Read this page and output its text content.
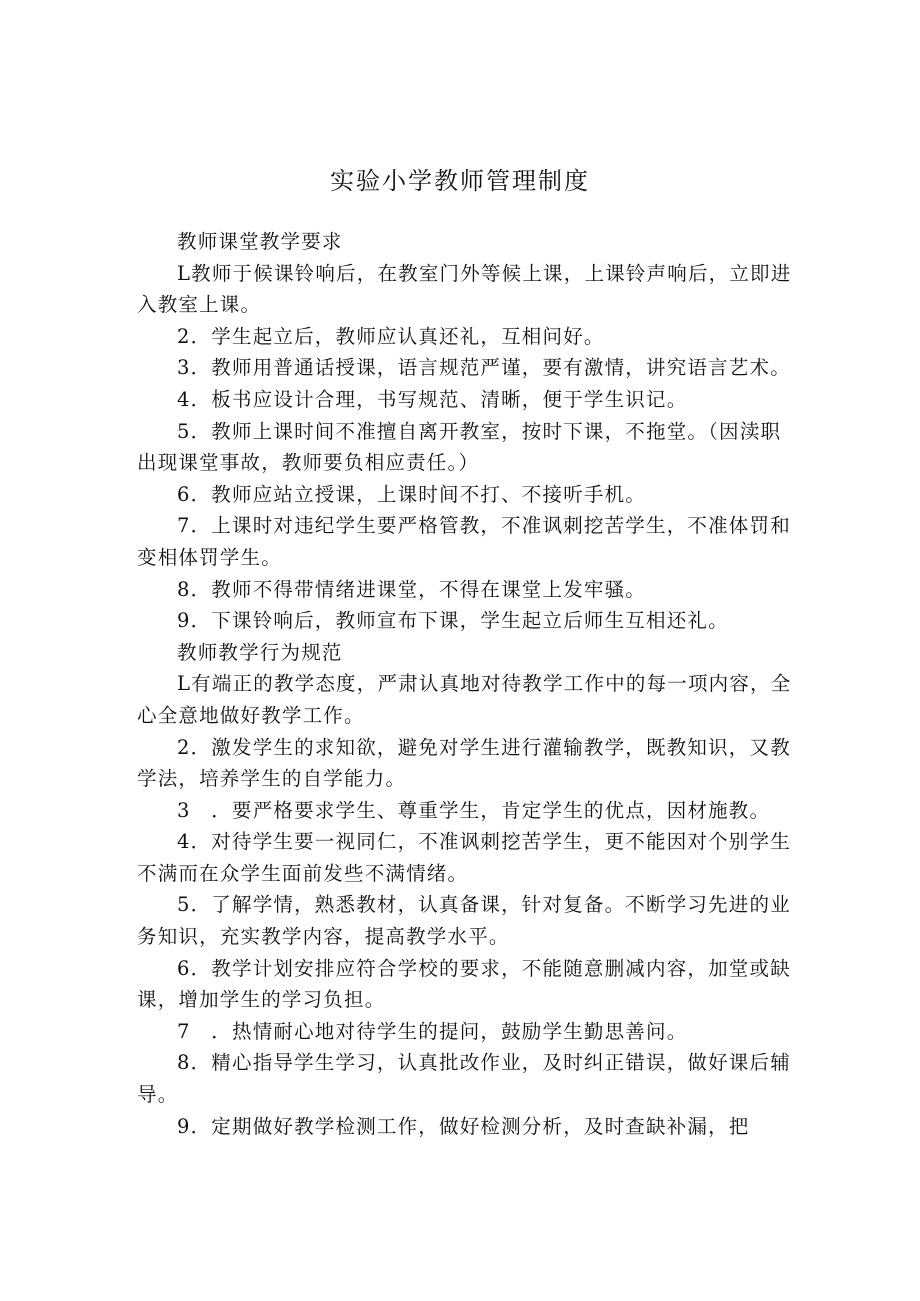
实验小学教师管理制度

教师课堂教学要求

L教师于候课铃响后，在教室门外等候上课，上课铃声响后，立即进入教室上课。

2．学生起立后，教师应认真还礼，互相问好。

3．教师用普通话授课，语言规范严谨，要有激情，讲究语言艺术。

4．板书应设计合理，书写规范、清晰，便于学生识记。

5．教师上课时间不准擅自离开教室，按时下课，不拖堂。（因渎职出现课堂事故，教师要负相应责任。）

6．教师应站立授课，上课时间不打、不接听手机。

7．上课时对违纪学生要严格管教，不准讽刺挖苦学生，不准体罚和变相体罚学生。

8．教师不得带情绪进课堂，不得在课堂上发牢骚。

9．下课铃响后，教师宣布下课，学生起立后师生互相还礼。

教师教学行为规范

L有端正的教学态度，严肃认真地对待教学工作中的每一项内容，全心全意地做好教学工作。

2．激发学生的求知欲，避免对学生进行灌输教学，既教知识，又教学法，培养学生的自学能力。

3　．要严格要求学生、尊重学生，肯定学生的优点，因材施教。

4．对待学生要一视同仁，不准讽刺挖苦学生，更不能因对个别学生不满而在众学生面前发些不满情绪。

5．了解学情，熟悉教材，认真备课，针对复备。不断学习先进的业务知识，充实教学内容，提高教学水平。

6．教学计划安排应符合学校的要求，不能随意删减内容，加堂或缺课，增加学生的学习负担。

7　．热情耐心地对待学生的提问，鼓励学生勤思善问。

8．精心指导学生学习，认真批改作业，及时纠正错误，做好课后辅导。

9．定期做好教学检测工作，做好检测分析，及时查缺补漏，把
